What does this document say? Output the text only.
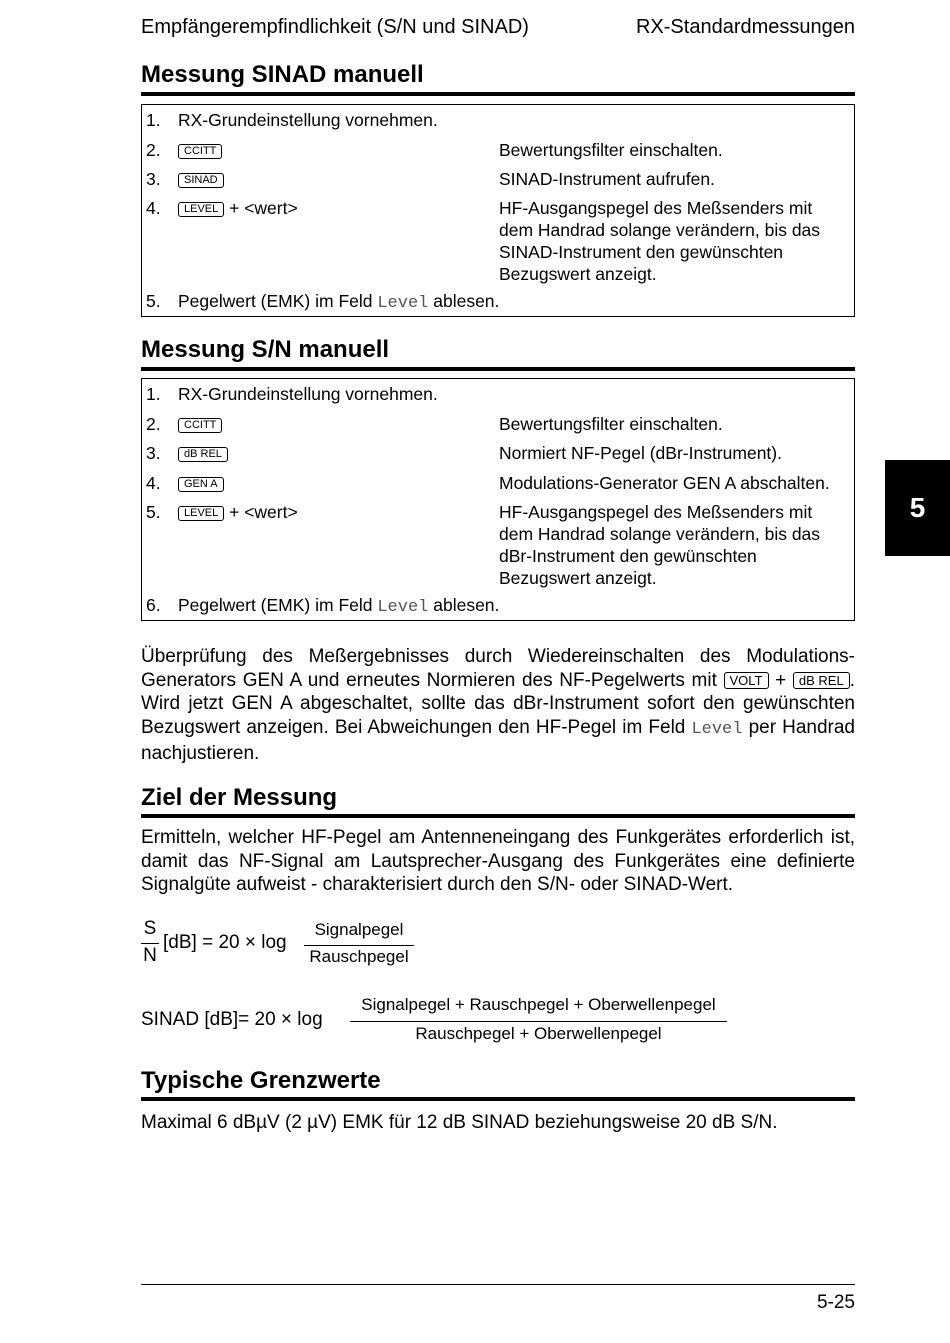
Empfängerempfindlichkeit (S/N und SINAD)	RX-Standardmessungen
Messung SINAD manuell
1. RX-Grundeinstellung vornehmen.
2.	CCITT	Bewertungsfilter einschalten.
3.	SINAD	SINAD-Instrument aufrufen.
4.	LEVEL + <wert>	HF-Ausgangspegel des Meßsenders mit dem Handrad solange verändern, bis das SINAD-Instrument den gewünschten Bezugswert anzeigt.
5. Pegelwert (EMK) im Feld Level ablesen.
Messung S/N manuell
1. RX-Grundeinstellung vornehmen.
2.	CCITT	Bewertungsfilter einschalten.
3.	dB REL	Normiert NF-Pegel (dBr-Instrument).
4.	GEN A	Modulations-Generator GEN A abschalten.
5.	LEVEL + <wert>	HF-Ausgangspegel des Meßsenders mit dem Handrad solange verändern, bis das dBr-Instrument den gewünschten Bezugswert anzeigt.
6. Pegelwert (EMK) im Feld Level ablesen.
Überprüfung des Meßergebnisses durch Wiedereinschalten des Modulations-Generators GEN A und erneutes Normieren des NF-Pegelwerts mit VOLT + dB REL . Wird jetzt GEN A abgeschaltet, sollte das dBr-Instrument sofort den gewünschten Bezugswert anzeigen. Bei Abweichungen den HF-Pegel im Feld Level per Handrad nachjustieren.
Ziel der Messung
Ermitteln, welcher HF-Pegel am Antenneneingang des Funkgerätes erforderlich ist, damit das NF-Signal am Lautsprecher-Ausgang des Funkgerätes eine definierte Signalgüte aufweist - charakterisiert durch den S/N- oder SINAD-Wert.
S
N
[dB] = 20 × log
Signalpegel
Rauschpegel
SINAD [dB]= 20 × log
Signalpegel + Rauschpegel + Oberwellenpegel
Rauschpegel + Oberwellenpegel
Typische Grenzwerte
Maximal 6 dBµV (2 µV) EMK für 12 dB SINAD beziehungsweise 20 dB S/N.
5
5-25
